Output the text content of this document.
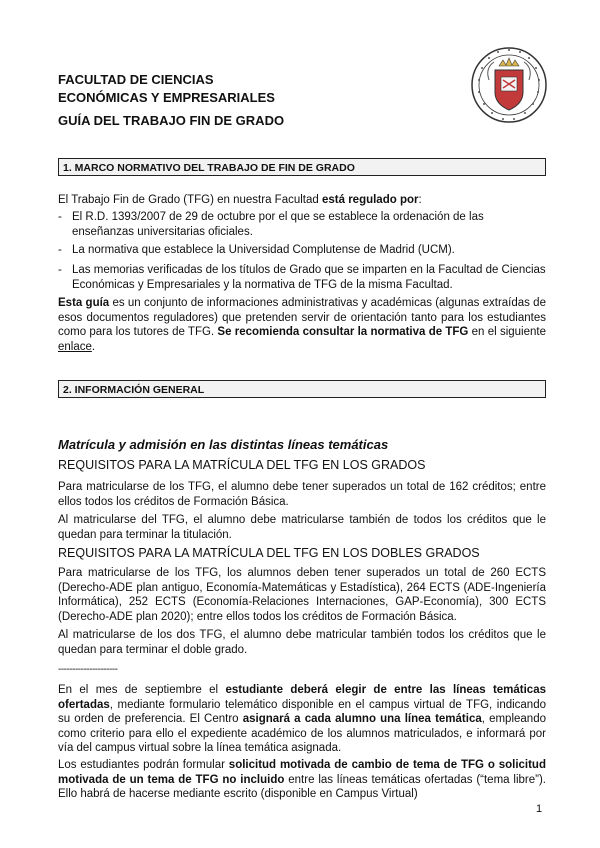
FACULTAD DE CIENCIAS
ECONÓMICAS Y EMPRESARIALES
GUÍA DEL TRABAJO FIN DE GRADO
1. MARCO NORMATIVO DEL TRABAJO DE FIN DE GRADO
El Trabajo Fin de Grado (TFG) en nuestra Facultad está regulado por:
- El R.D. 1393/2007 de 29 de octubre por el que se establece la ordenación de las enseñanzas universitarias oficiales.
- La normativa que establece la Universidad Complutense de Madrid (UCM).
- Las memorias verificadas de los títulos de Grado que se imparten en la Facultad de Ciencias Económicas y Empresariales y la normativa de TFG de la misma Facultad.
Esta guía es un conjunto de informaciones administrativas y académicas (algunas extraídas de esos documentos reguladores) que pretenden servir de orientación tanto para los estudiantes como para los tutores de TFG. Se recomienda consultar la normativa de TFG en el siguiente enlace.
2. INFORMACIÓN GENERAL
Matrícula y admisión en las distintas líneas temáticas
REQUISITOS PARA LA MATRÍCULA DEL TFG EN LOS GRADOS
Para matricularse de los TFG, el alumno debe tener superados un total de 162 créditos; entre ellos todos los créditos de Formación Básica.
Al matricularse del TFG, el alumno debe matricularse también de todos los créditos que le quedan para terminar la titulación.
REQUISITOS PARA LA MATRÍCULA DEL TFG EN LOS DOBLES GRADOS
Para matricularse de los TFG, los alumnos deben tener superados un total de 260 ECTS (Derecho-ADE plan antiguo, Economía-Matemáticas y Estadística), 264 ECTS (ADE-Ingeniería Informática), 252 ECTS (Economía-Relaciones Internaciones, GAP-Economía), 300 ECTS (Derecho-ADE plan 2020); entre ellos todos los créditos de Formación Básica.
Al matricularse de los dos TFG, el alumno debe matricular también todos los créditos que le quedan para terminar el doble grado.
---------------------
En el mes de septiembre el estudiante deberá elegir de entre las líneas temáticas ofertadas, mediante formulario telemático disponible en el campus virtual de TFG, indicando su orden de preferencia. El Centro asignará a cada alumno una línea temática, empleando como criterio para ello el expediente académico de los alumnos matriculados, e informará por vía del campus virtual sobre la línea temática asignada.
Los estudiantes podrán formular solicitud motivada de cambio de tema de TFG o solicitud motivada de un tema de TFG no incluido entre las líneas temáticas ofertadas (“tema libre”). Ello habrá de hacerse mediante escrito (disponible en Campus Virtual)
1
